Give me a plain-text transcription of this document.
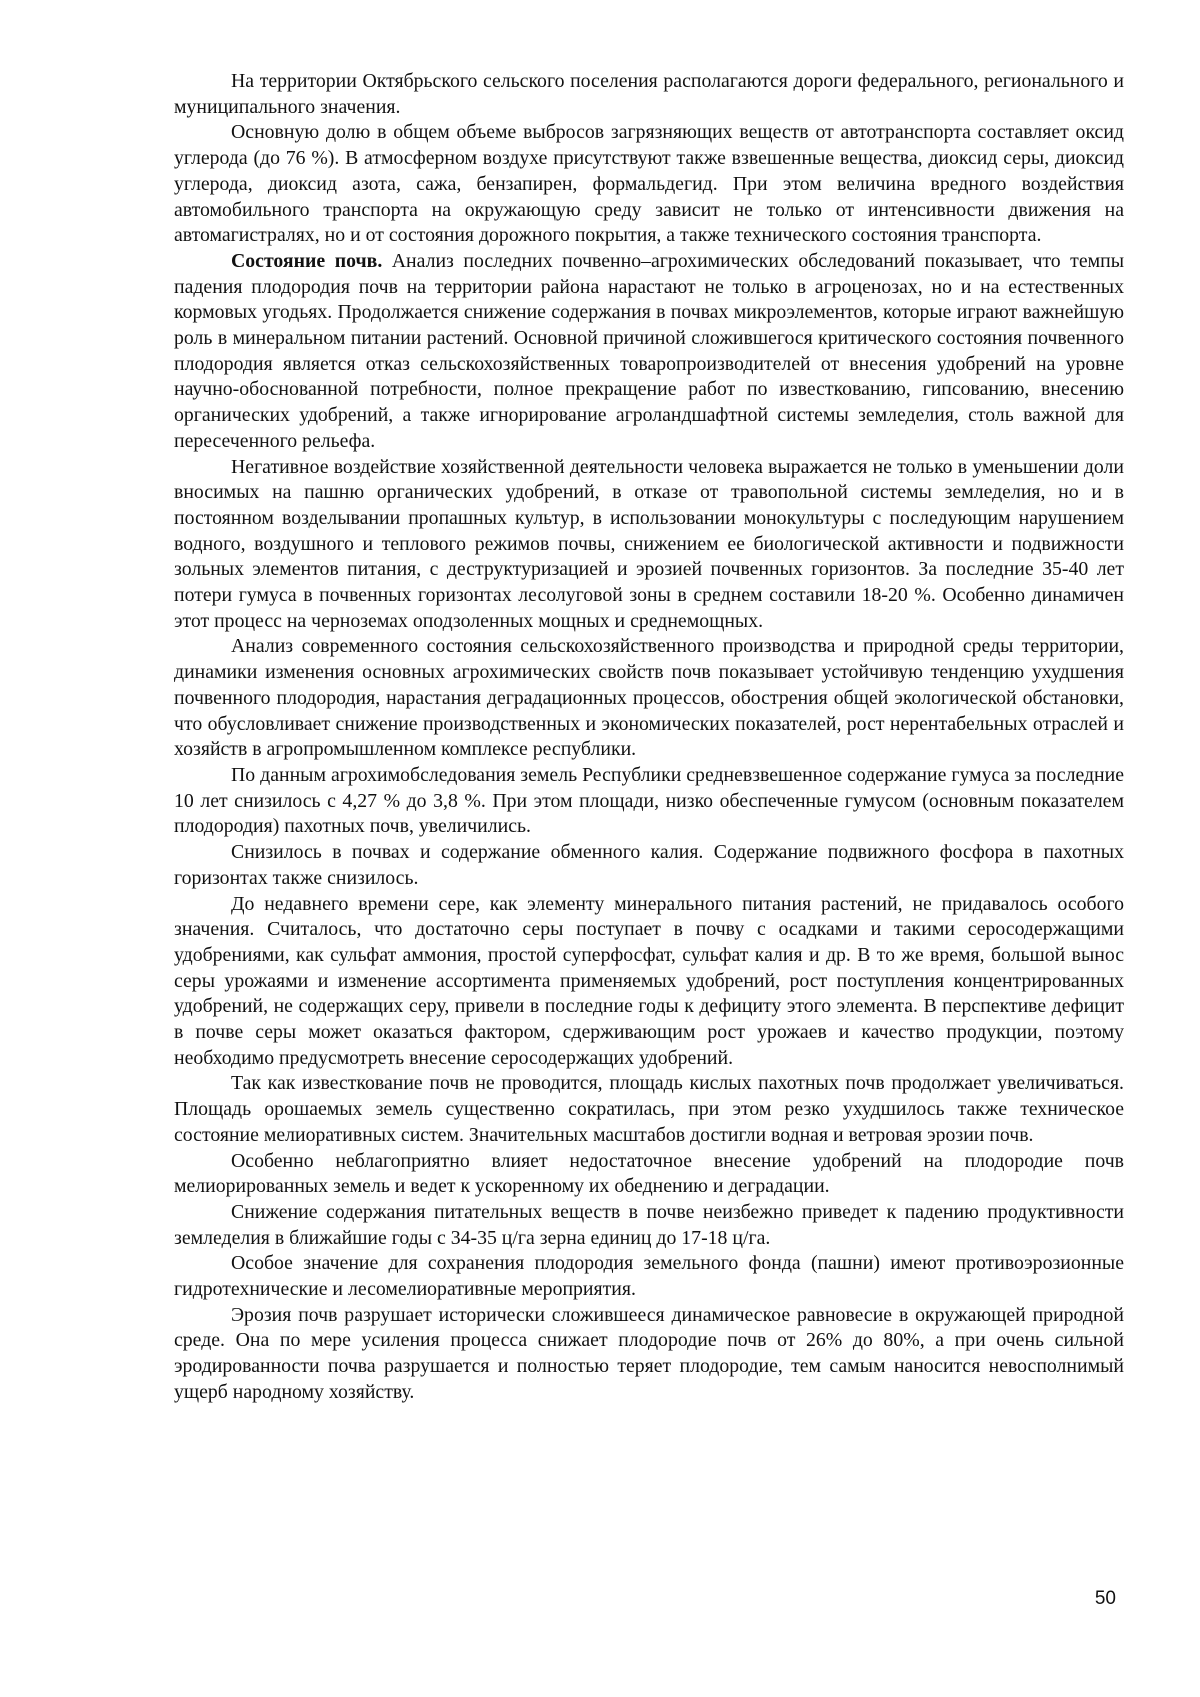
На территории Октябрьского сельского поселения располагаются дороги федерального, регионального и муниципального значения.

Основную долю в общем объеме выбросов загрязняющих веществ от автотранспорта составляет оксид углерода (до 76 %). В атмосферном воздухе присутствуют также взвешенные вещества, диоксид серы, диоксид углерода, диоксид азота, сажа, бензапирен, формальдегид. При этом величина вредного воздействия автомобильного транспорта на окружающую среду зависит не только от интенсивности движения на автомагистралях, но и от состояния дорожного покрытия, а также технического состояния транспорта.

Состояние почв. Анализ последних почвенно–агрохимических обследований показывает, что темпы падения плодородия почв на территории района нарастают не только в агроценозах, но и на естественных кормовых угодьях. Продолжается снижение содержания в почвах микроэлементов, которые играют важнейшую роль в минеральном питании растений. Основной причиной сложившегося критического состояния почвенного плодородия является отказ сельскохозяйственных товаропроизводителей от внесения удобрений на уровне научно-обоснованной потребности, полное прекращение работ по известкованию, гипсованию, внесению органических удобрений, а также игнорирование агроландшафтной системы земледелия, столь важной для пересеченного рельефа.

Негативное воздействие хозяйственной деятельности человека выражается не только в уменьшении доли вносимых на пашню органических удобрений, в отказе от травопольной системы земледелия, но и в постоянном возделывании пропашных культур, в использовании монокультуры с последующим нарушением водного, воздушного и теплового режимов почвы, снижением ее биологической активности и подвижности зольных элементов питания, с деструктуризацией и эрозией почвенных горизонтов. За последние 35-40 лет потери гумуса в почвенных горизонтах лесолуговой зоны в среднем составили 18-20 %. Особенно динамичен этот процесс на черноземах оподзоленных мощных и среднемощных.

Анализ современного состояния сельскохозяйственного производства и природной среды территории, динамики изменения основных агрохимических свойств почв показывает устойчивую тенденцию ухудшения почвенного плодородия, нарастания деградационных процессов, обострения общей экологической обстановки, что обусловливает снижение производственных и экономических показателей, рост нерентабельных отраслей и хозяйств в агропромышленном комплексе республики.

По данным агрохимобследования земель Республики средневзвешенное содержание гумуса за последние 10 лет снизилось с 4,27 % до 3,8 %. При этом площади, низко обеспеченные гумусом (основным показателем плодородия) пахотных почв, увеличились.

Снизилось в почвах и содержание обменного калия. Содержание подвижного фосфора в пахотных горизонтах также снизилось.

До недавнего времени сере, как элементу минерального питания растений, не придавалось особого значения. Считалось, что достаточно серы поступает в почву с осадками и такими серосодержащими удобрениями, как сульфат аммония, простой суперфосфат, сульфат калия и др. В то же время, большой вынос серы урожаями и изменение ассортимента применяемых удобрений, рост поступления концентрированных удобрений, не содержащих серу, привели в последние годы к дефициту этого элемента. В перспективе дефицит в почве серы может оказаться фактором, сдерживающим рост урожаев и качество продукции, поэтому необходимо предусмотреть внесение серосодержащих удобрений.

Так как известкование почв не проводится, площадь кислых пахотных почв продолжает увеличиваться. Площадь орошаемых земель существенно сократилась, при этом резко ухудшилось также техническое состояние мелиоративных систем. Значительных масштабов достигли водная и ветровая эрозии почв.

Особенно неблагоприятно влияет недостаточное внесение удобрений на плодородие почв мелиорированных земель и ведет к ускоренному их обеднению и деградации.

Снижение содержания питательных веществ в почве неизбежно приведет к падению продуктивности земледелия в ближайшие годы с 34-35 ц/га зерна единиц до 17-18 ц/га.

Особое значение для сохранения плодородия земельного фонда (пашни) имеют противоэрозионные гидротехнические и лесомелиоративные мероприятия.

Эрозия почв разрушает исторически сложившееся динамическое равновесие в окружающей природной среде. Она по мере усиления процесса снижает плодородие почв от 26% до 80%, а при очень сильной эродированности почва разрушается и полностью теряет плодородие, тем самым наносится невосполнимый ущерб народному хозяйству.

50
